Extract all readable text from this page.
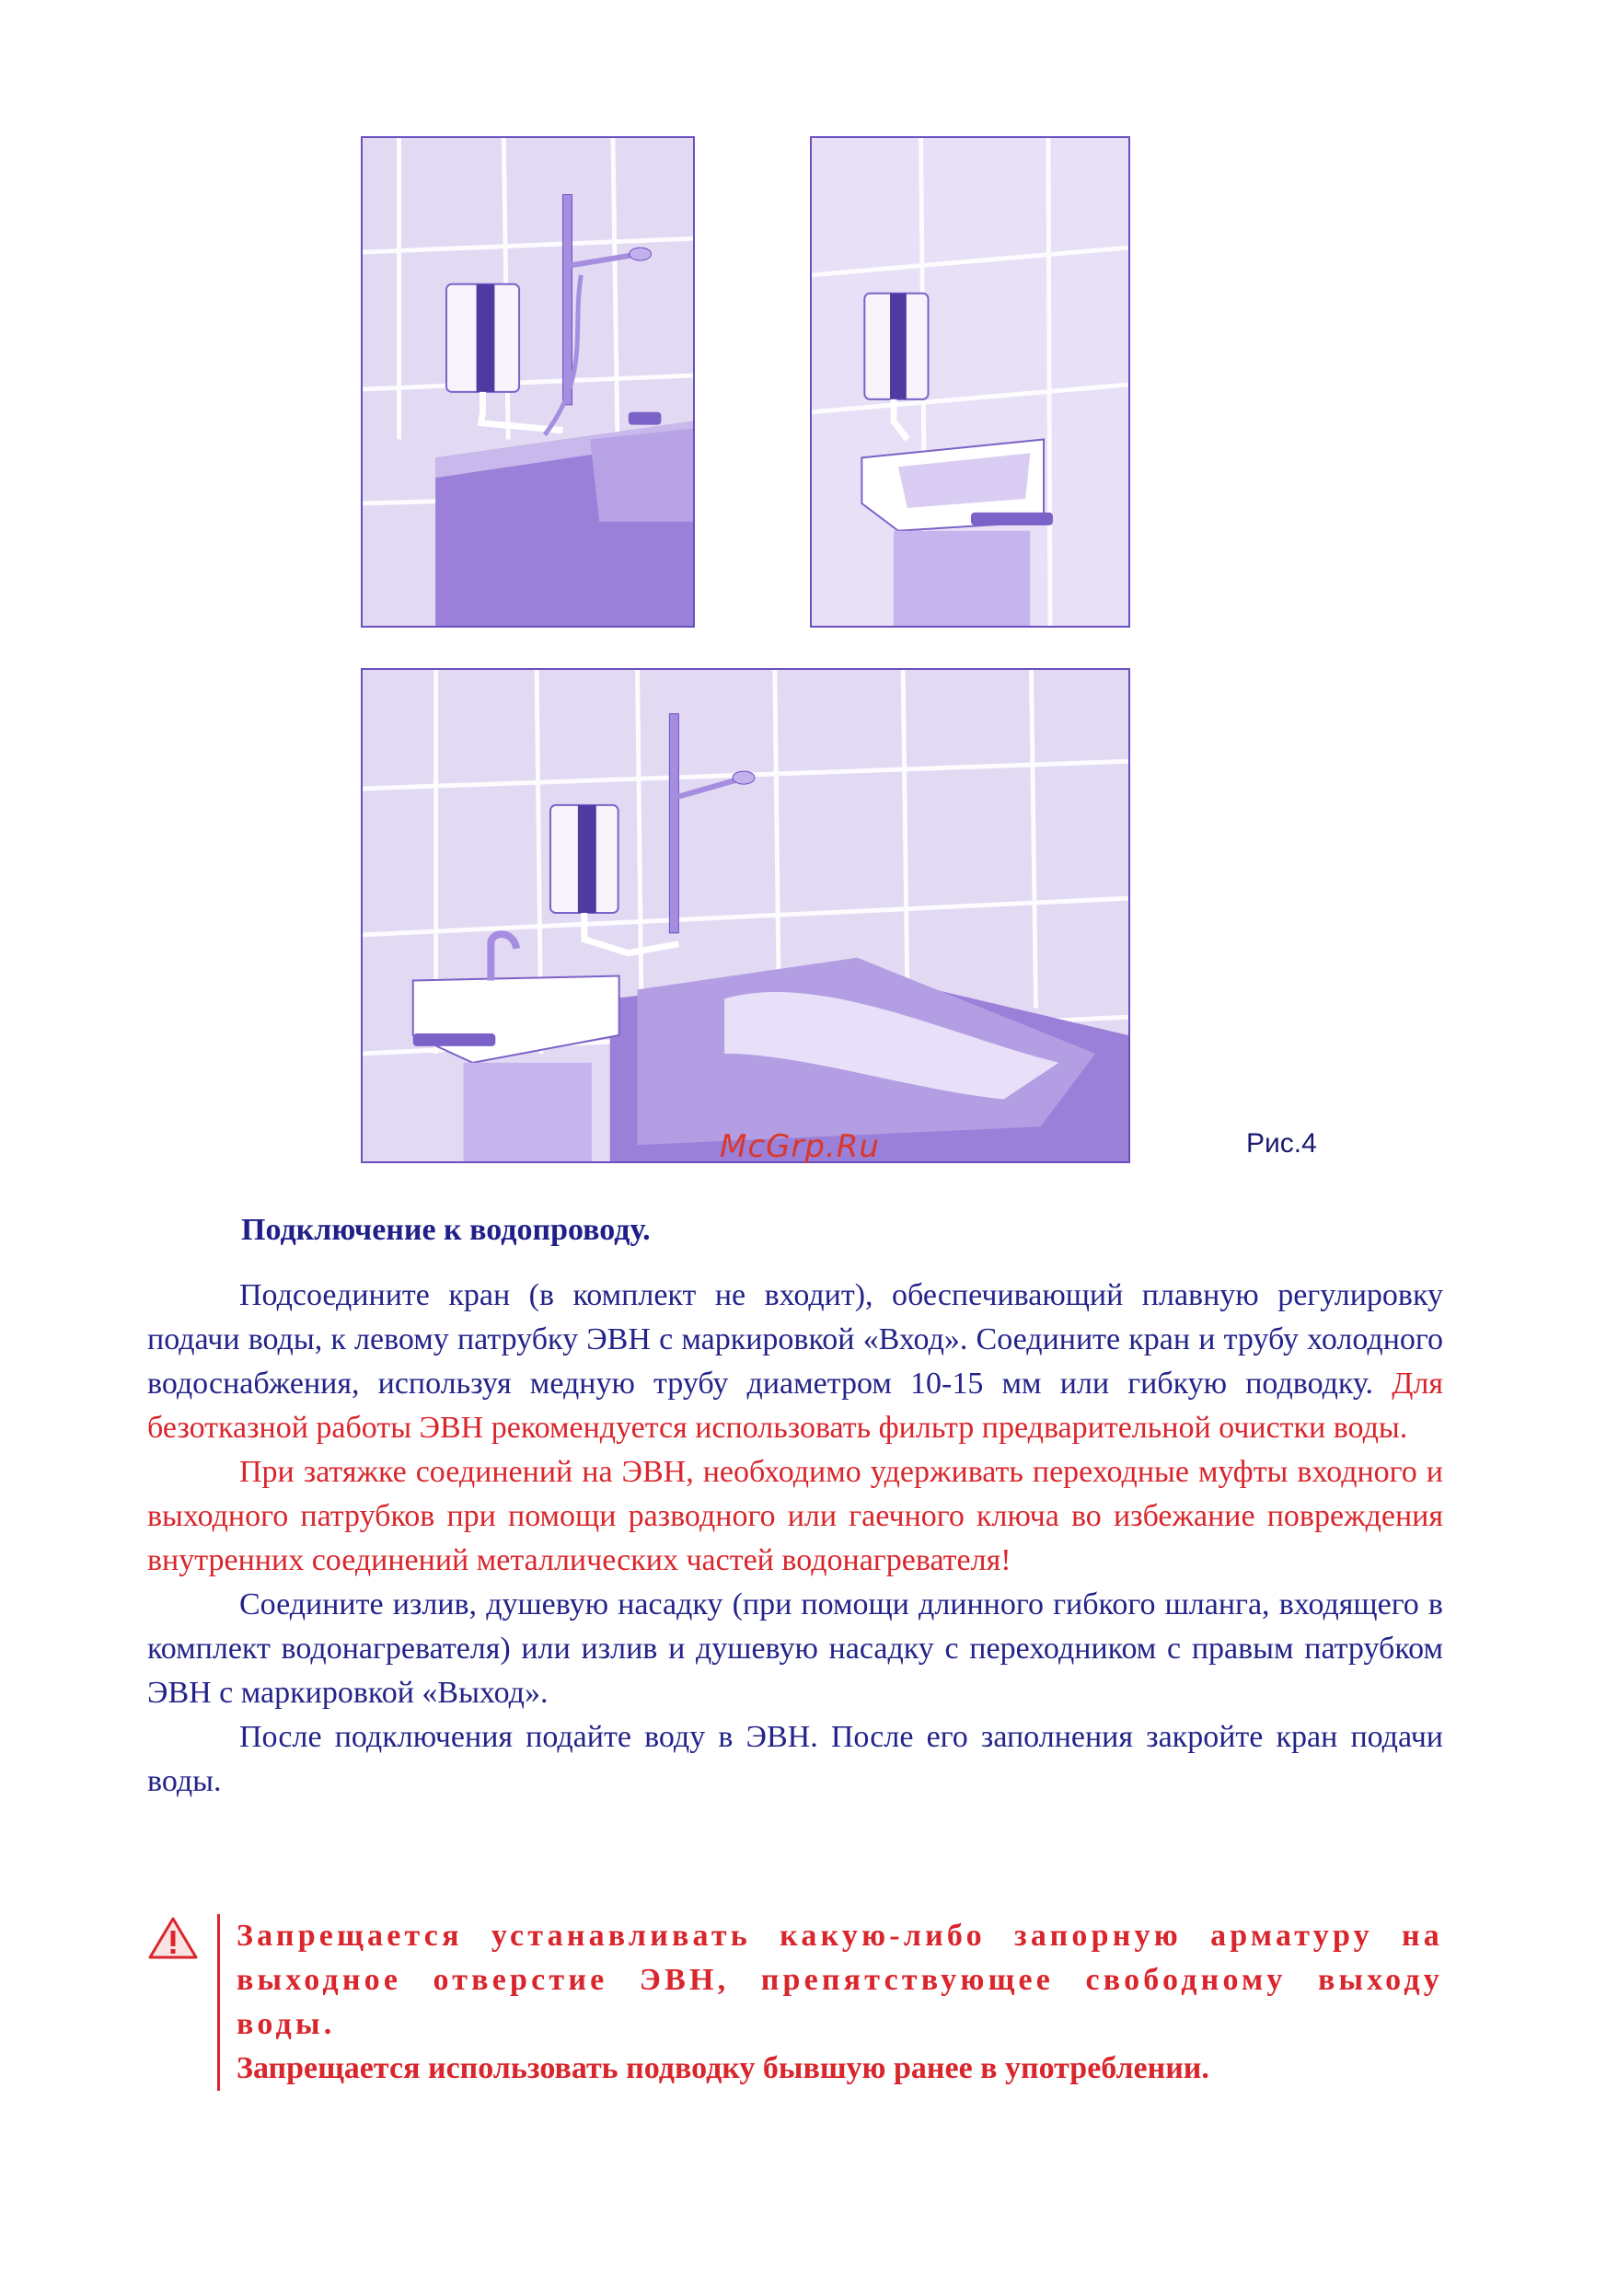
McGrp.Ru	Рис.4
Подключение к водопроводу.

Подсоедините кран (в комплект не входит), обеспечивающий плавную регулировку подачи воды, к левому патрубку ЭВН с маркировкой «Вход». Соедините кран и трубу холодного водоснабжения, используя медную трубу диаметром 10-15 мм или гибкую подводку. Для безотказной работы ЭВН рекомендуется использовать фильтр предварительной очистки воды.

При затяжке соединений на ЭВН, необходимо удерживать переходные муфты входного и выходного патрубков при помощи разводного или гаечного ключа во избежание повреждения внутренних соединений металлических частей водонагревателя!

Соедините излив, душевую насадку (при помощи длинного гибкого шланга, входящего в комплект водонагревателя) или излив и душевую насадку с переходником с правым патрубком ЭВН с маркировкой «Выход».

После подключения подайте воду в ЭВН. После его заполнения закройте кран подачи воды.

Запрещается устанавливать какую-либо запорную арматуру на выходное отверстие ЭВН, препятствующее свободному выходу воды.

Запрещается использовать подводку бывшую ранее в употреблении.
